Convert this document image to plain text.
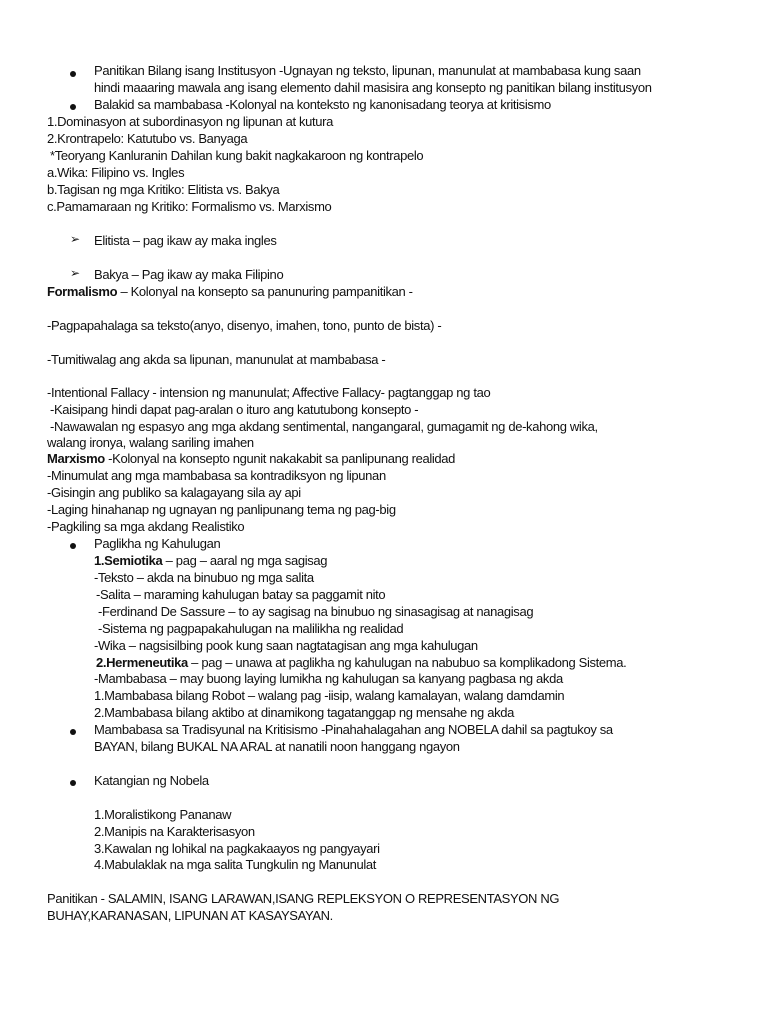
Panitikan Bilang isang Institusyon -Ugnayan ng teksto, lipunan, manunulat at mambabasa kung saan
hindi maaaring mawala ang isang elemento dahil masisira ang konsepto ng panitikan bilang institusyon
Balakid sa mambabasa -Kolonyal na konteksto ng kanonisadang teorya at kritisismo
1.Dominasyon at subordinasyon ng lipunan at kutura
2.Krontrapelo: Katutubo vs. Banyaga
*Teoryang Kanluranin Dahilan kung bakit nagkakaroon ng kontrapelo
a.Wika: Filipino vs. Ingles
b.Tagisan ng mga Kritiko: Elitista vs. Bakya
c.Pamamaraan ng Kritiko: Formalismo vs. Marxismo
➢ Elitista – pag ikaw ay maka ingles
➢ Bakya – Pag ikaw ay maka Filipino
Formalismo – Kolonyal na konsepto sa panunuring pampanitikan -
-Pagpapahalaga sa teksto(anyo, disenyo, imahen, tono, punto de bista) -
-Tumitiwalag ang akda sa lipunan, manunulat at mambabasa -
-Intentional Fallacy - intension ng manunulat; Affective Fallacy- pagtanggap ng tao
-Kaisipang hindi dapat pag-aralan o ituro ang katutubong konsepto -
-Nawawalan ng espasyo ang mga akdang sentimental, nangangaral, gumagamit ng de-kahong wika,
walang ironya, walang sariling imahen
Marxismo -Kolonyal na konsepto ngunit nakakabit sa panlipunang realidad
-Minumulat ang mga mambabasa sa kontradiksyon ng lipunan
-Gisingin ang publiko sa kalagayang sila ay api
-Laging hinahanap ng ugnayan ng panlipunang tema ng pag-big
-Pagkiling sa mga akdang Realistiko
Paglikha ng Kahulugan
1.Semiotika – pag – aaral ng mga sagisag
-Teksto – akda na binubuo ng mga salita
-Salita – maraming kahulugan batay sa paggamit nito
-Ferdinand De Sassure – to ay sagisag na binubuo ng sinasagisag at nanagisag
-Sistema ng pagpapakahulugan na malilikha ng realidad
-Wika – nagsisilbing pook kung saan nagtatagisan ang mga kahulugan
2.Hermeneutika – pag – unawa at paglikha ng kahulugan na nabubuo sa komplikadong Sistema.
-Mambabasa – may buong laying lumikha ng kahulugan sa kanyang pagbasa ng akda
1.Mambabasa bilang Robot – walang pag -iisip, walang kamalayan, walang damdamin
2.Mambabasa bilang aktibo at dinamikong tagatanggap ng mensahe ng akda
Mambabasa sa Tradisyunal na Kritisismo -Pinahahalagahan ang NOBELA dahil sa pagtukoy sa
BAYAN, bilang BUKAL NA ARAL at nanatili noon hanggang ngayon
Katangian ng Nobela
1.Moralistikong Pananaw
2.Manipis na Karakterisasyon
3.Kawalan ng lohikal na pagkakaayos ng pangyayari
4.Mabulaklak na mga salita Tungkulin ng Manunulat
Panitikan - SALAMIN, ISANG LARAWAN,ISANG REPLEKSYON O REPRESENTASYON NG
BUHAY,KARANASAN, LIPUNAN AT KASAYSAYAN.
